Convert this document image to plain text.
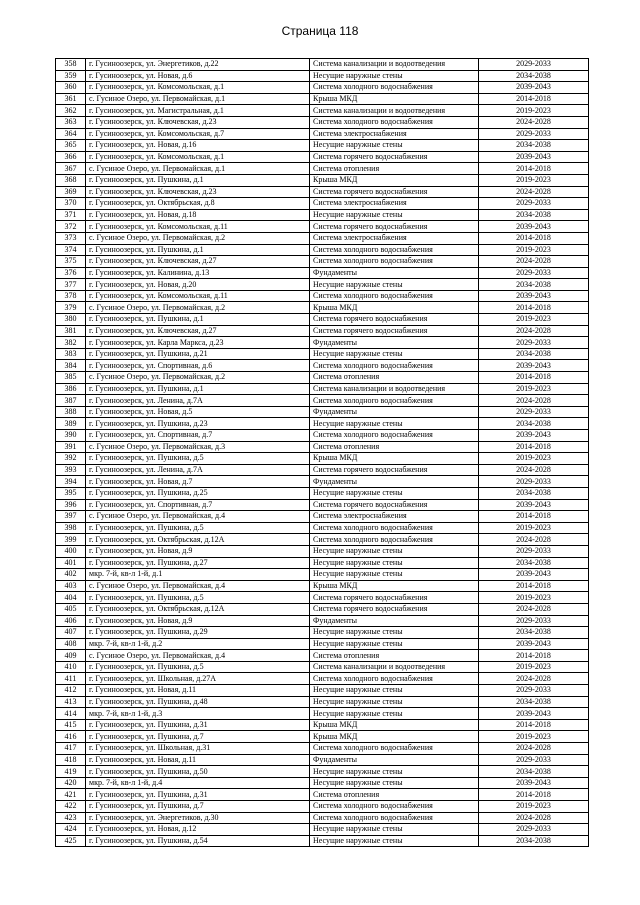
Страница 118
358	г. Гусиноозерск, ул. Энергетиков, д.22	Система канализации и водоотведения	2029-2033
359	г. Гусиноозерск, ул. Новая, д.6	Несущие наружные стены	2034-2038
360	г. Гусиноозерск, ул. Комсомольская, д.1	Система холодного водоснабжения	2039-2043
361	с. Гусиное Озеро, ул. Первомайская, д.1	Крыша МКД	2014-2018
362	г. Гусиноозерск, ул. Магистральная, д.1	Система канализации и водоотведения	2019-2023
363	г. Гусиноозерск, ул. Ключевская, д.23	Система холодного водоснабжения	2024-2028
364	г. Гусиноозерск, ул. Комсомольская, д.7	Система электроснабжения	2029-2033
365	г. Гусиноозерск, ул. Новая, д.16	Несущие наружные стены	2034-2038
366	г. Гусиноозерск, ул. Комсомольская, д.1	Система горячего водоснабжения	2039-2043
367	с. Гусиное Озеро, ул. Первомайская, д.1	Система отопления	2014-2018
368	г. Гусиноозерск, ул. Пушкина, д.1	Крыша МКД	2019-2023
369	г. Гусиноозерск, ул. Ключевская, д.23	Система горячего водоснабжения	2024-2028
370	г. Гусиноозерск, ул. Октябрьская, д.8	Система электроснабжения	2029-2033
371	г. Гусиноозерск, ул. Новая, д.18	Несущие наружные стены	2034-2038
372	г. Гусиноозерск, ул. Комсомольская, д.11	Система горячего водоснабжения	2039-2043
373	с. Гусиное Озеро, ул. Первомайская, д.2	Система электроснабжения	2014-2018
374	г. Гусиноозерск, ул. Пушкина, д.1	Система холодного водоснабжения	2019-2023
375	г. Гусиноозерск, ул. Ключевская, д.27	Система холодного водоснабжения	2024-2028
376	г. Гусиноозерск, ул. Калинина, д.13	Фундаменты	2029-2033
377	г. Гусиноозерск, ул. Новая, д.20	Несущие наружные стены	2034-2038
378	г. Гусиноозерск, ул. Комсомольская, д.11	Система холодного водоснабжения	2039-2043
379	с. Гусиное Озеро, ул. Первомайская, д.2	Крыша МКД	2014-2018
380	г. Гусиноозерск, ул. Пушкина, д.1	Система горячего водоснабжения	2019-2023
381	г. Гусиноозерск, ул. Ключевская, д.27	Система горячего водоснабжения	2024-2028
382	г. Гусиноозерск, ул. Карла Маркса, д.23	Фундаменты	2029-2033
383	г. Гусиноозерск, ул. Пушкина, д.21	Несущие наружные стены	2034-2038
384	г. Гусиноозерск, ул. Спортивная, д.6	Система холодного водоснабжения	2039-2043
385	с. Гусиное Озеро, ул. Первомайская, д.2	Система отопления	2014-2018
386	г. Гусиноозерск, ул. Пушкина, д.1	Система канализации и водоотведения	2019-2023
387	г. Гусиноозерск, ул. Ленина, д.7А	Система холодного водоснабжения	2024-2028
388	г. Гусиноозерск, ул. Новая, д.5	Фундаменты	2029-2033
389	г. Гусиноозерск, ул. Пушкина, д.23	Несущие наружные стены	2034-2038
390	г. Гусиноозерск, ул. Спортивная, д.7	Система холодного водоснабжения	2039-2043
391	с. Гусиное Озеро, ул. Первомайская, д.3	Система отопления	2014-2018
392	г. Гусиноозерск, ул. Пушкина, д.5	Крыша МКД	2019-2023
393	г. Гусиноозерск, ул. Ленина, д.7А	Система горячего водоснабжения	2024-2028
394	г. Гусиноозерск, ул. Новая, д.7	Фундаменты	2029-2033
395	г. Гусиноозерск, ул. Пушкина, д.25	Несущие наружные стены	2034-2038
396	г. Гусиноозерск, ул. Спортивная, д.7	Система горячего водоснабжения	2039-2043
397	с. Гусиное Озеро, ул. Первомайская, д.4	Система электроснабжения	2014-2018
398	г. Гусиноозерск, ул. Пушкина, д.5	Система холодного водоснабжения	2019-2023
399	г. Гусиноозерск, ул. Октябрьская, д.12А	Система холодного водоснабжения	2024-2028
400	г. Гусиноозерск, ул. Новая, д.9	Несущие наружные стены	2029-2033
401	г. Гусиноозерск, ул. Пушкина, д.27	Несущие наружные стены	2034-2038
402	мкр. 7-й, кв-л 1-й, д.1	Несущие наружные стены	2039-2043
403	с. Гусиное Озеро, ул. Первомайская, д.4	Крыша МКД	2014-2018
404	г. Гусиноозерск, ул. Пушкина, д.5	Система горячего водоснабжения	2019-2023
405	г. Гусиноозерск, ул. Октябрьская, д.12А	Система горячего водоснабжения	2024-2028
406	г. Гусиноозерск, ул. Новая, д.9	Фундаменты	2029-2033
407	г. Гусиноозерск, ул. Пушкина, д.29	Несущие наружные стены	2034-2038
408	мкр. 7-й, кв-л 1-й, д.2	Несущие наружные стены	2039-2043
409	с. Гусиное Озеро, ул. Первомайская, д.4	Система отопления	2014-2018
410	г. Гусиноозерск, ул. Пушкина, д.5	Система канализации и водоотведения	2019-2023
411	г. Гусиноозерск, ул. Школьная, д.27А	Система холодного водоснабжения	2024-2028
412	г. Гусиноозерск, ул. Новая, д.11	Несущие наружные стены	2029-2033
413	г. Гусиноозерск, ул. Пушкина, д.48	Несущие наружные стены	2034-2038
414	мкр. 7-й, кв-л 1-й, д.3	Несущие наружные стены	2039-2043
415	г. Гусиноозерск, ул. Пушкина, д.31	Крыша МКД	2014-2018
416	г. Гусиноозерск, ул. Пушкина, д.7	Крыша МКД	2019-2023
417	г. Гусиноозерск, ул. Школьная, д.31	Система холодного водоснабжения	2024-2028
418	г. Гусиноозерск, ул. Новая, д.11	Фундаменты	2029-2033
419	г. Гусиноозерск, ул. Пушкина, д.50	Несущие наружные стены	2034-2038
420	мкр. 7-й, кв-л 1-й, д.4	Несущие наружные стены	2039-2043
421	г. Гусиноозерск, ул. Пушкина, д.31	Система отопления	2014-2018
422	г. Гусиноозерск, ул. Пушкина, д.7	Система холодного водоснабжения	2019-2023
423	г. Гусиноозерск, ул. Энергетиков, д.30	Система холодного водоснабжения	2024-2028
424	г. Гусиноозерск, ул. Новая, д.12	Несущие наружные стены	2029-2033
425	г. Гусиноозерск, ул. Пушкина, д.54	Несущие наружные стены	2034-2038
